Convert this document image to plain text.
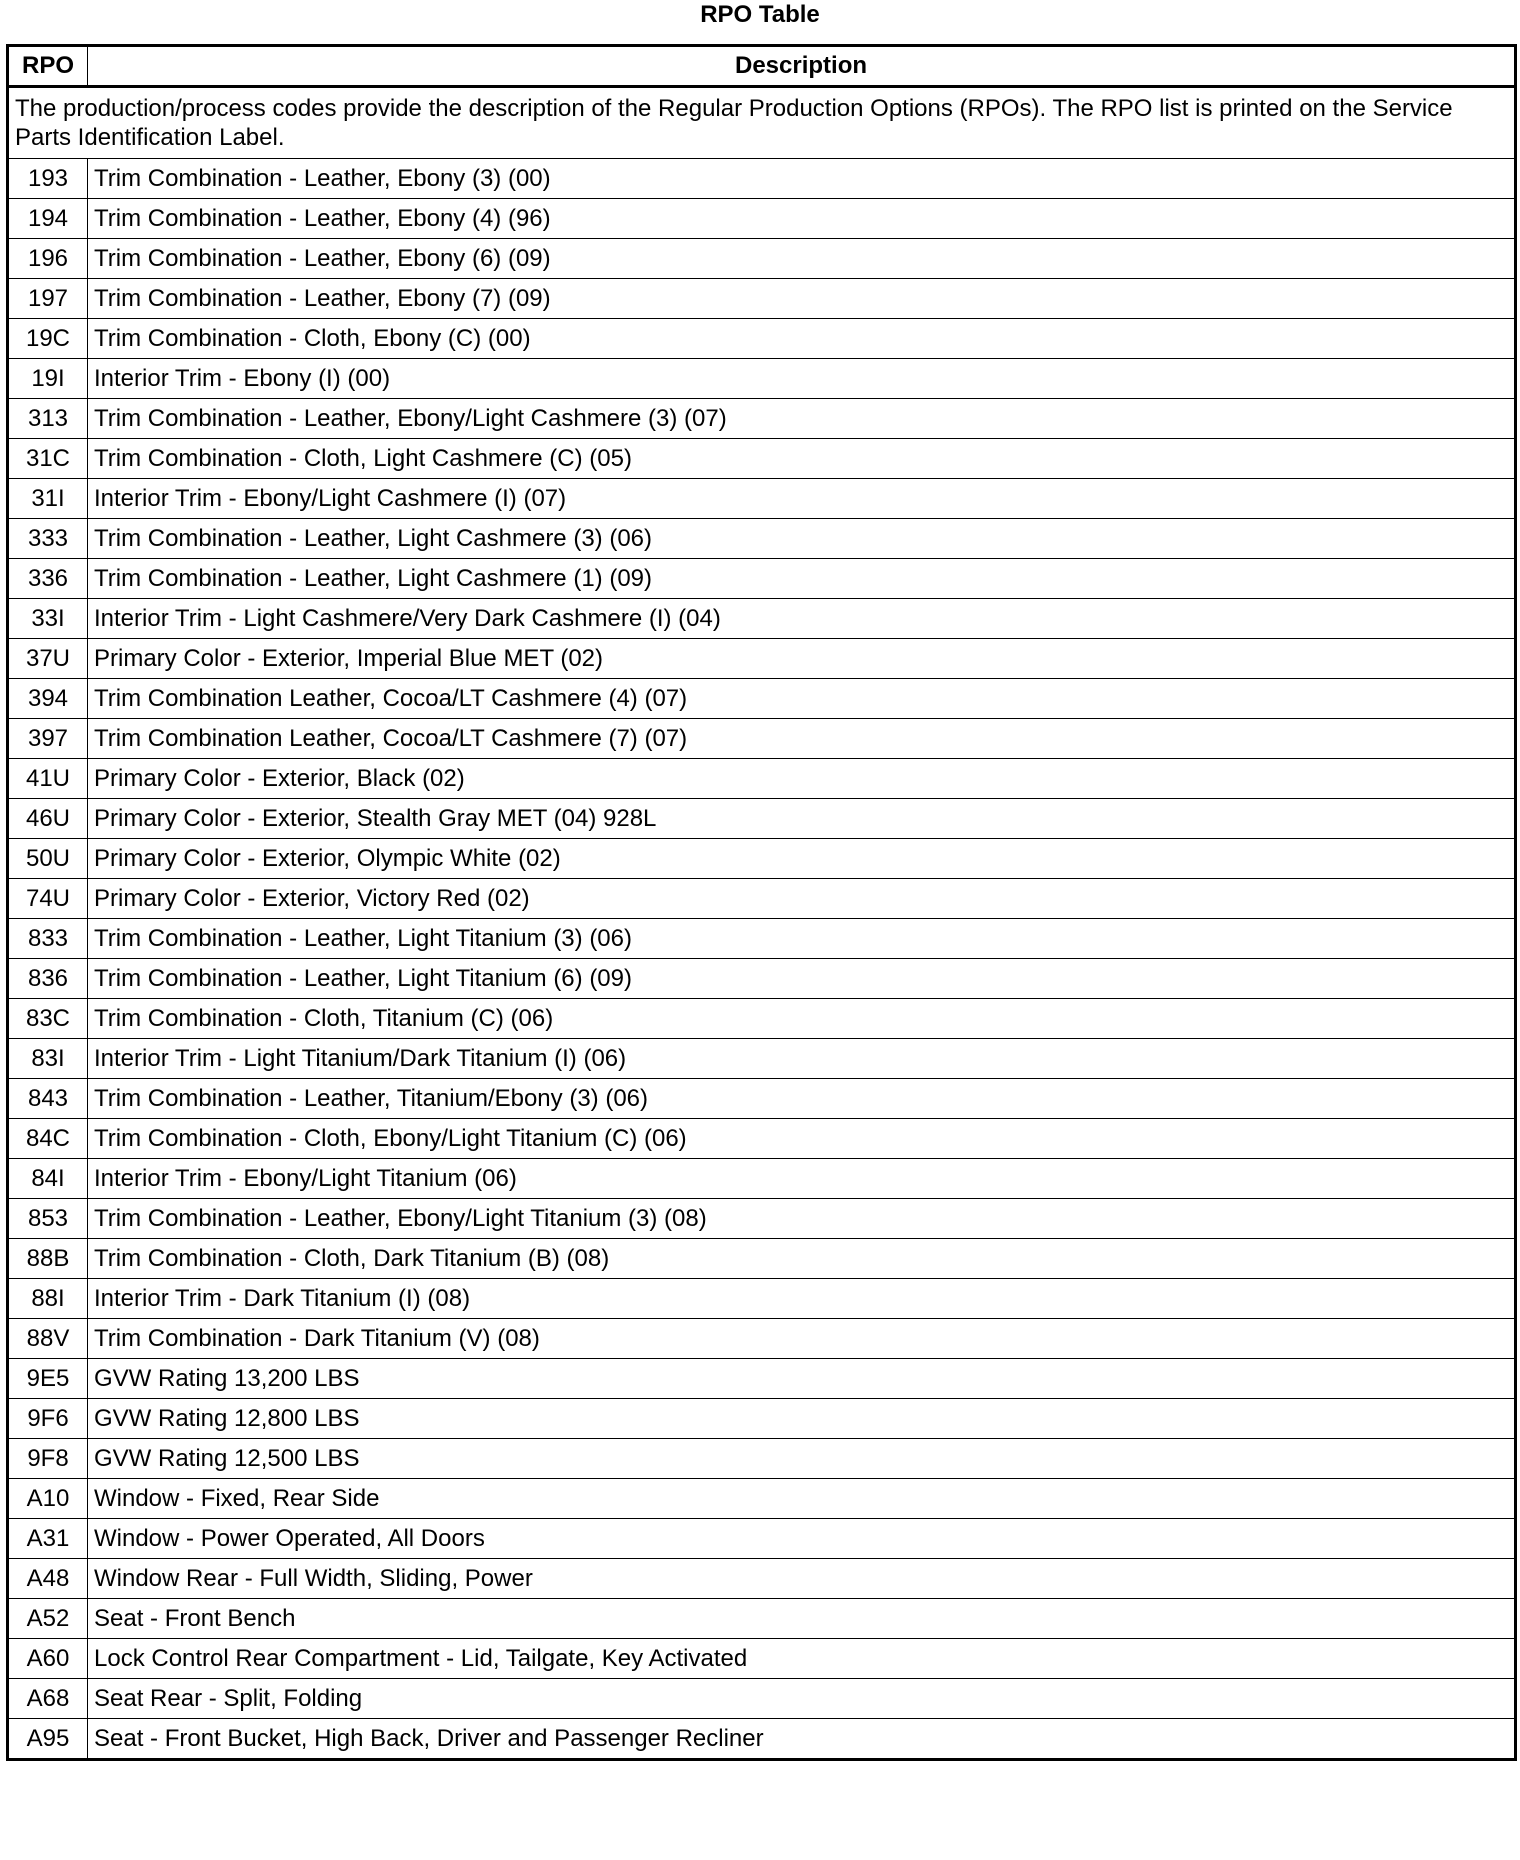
RPO Table
RPO	Description
The production/process codes provide the description of the Regular Production Options (RPOs). The RPO list is printed on the Service Parts Identification Label.	
193	Trim Combination - Leather, Ebony (3) (00)
194	Trim Combination - Leather, Ebony (4) (96)
196	Trim Combination - Leather, Ebony (6) (09)
197	Trim Combination - Leather, Ebony (7) (09)
19C	Trim Combination - Cloth, Ebony (C) (00)
19I	Interior Trim - Ebony (I) (00)
313	Trim Combination - Leather, Ebony/Light Cashmere (3) (07)
31C	Trim Combination - Cloth, Light Cashmere (C) (05)
31I	Interior Trim - Ebony/Light Cashmere (I) (07)
333	Trim Combination - Leather, Light Cashmere (3) (06)
336	Trim Combination - Leather, Light Cashmere (1) (09)
33I	Interior Trim - Light Cashmere/Very Dark Cashmere (I) (04)
37U	Primary Color - Exterior, Imperial Blue MET (02)
394	Trim Combination Leather, Cocoa/LT Cashmere (4) (07)
397	Trim Combination Leather, Cocoa/LT Cashmere (7) (07)
41U	Primary Color - Exterior, Black (02)
46U	Primary Color - Exterior, Stealth Gray MET (04) 928L
50U	Primary Color - Exterior, Olympic White (02)
74U	Primary Color - Exterior, Victory Red (02)
833	Trim Combination - Leather, Light Titanium (3) (06)
836	Trim Combination - Leather, Light Titanium (6) (09)
83C	Trim Combination - Cloth, Titanium (C) (06)
83I	Interior Trim - Light Titanium/Dark Titanium (I) (06)
843	Trim Combination - Leather, Titanium/Ebony (3) (06)
84C	Trim Combination - Cloth, Ebony/Light Titanium (C) (06)
84I	Interior Trim - Ebony/Light Titanium (06)
853	Trim Combination - Leather, Ebony/Light Titanium (3) (08)
88B	Trim Combination - Cloth, Dark Titanium (B) (08)
88I	Interior Trim - Dark Titanium (I) (08)
88V	Trim Combination - Dark Titanium (V) (08)
9E5	GVW Rating 13,200 LBS
9F6	GVW Rating 12,800 LBS
9F8	GVW Rating 12,500 LBS
A10	Window - Fixed, Rear Side
A31	Window - Power Operated, All Doors
A48	Window Rear - Full Width, Sliding, Power
A52	Seat - Front Bench
A60	Lock Control Rear Compartment - Lid, Tailgate, Key Activated
A68	Seat Rear - Split, Folding
A95	Seat - Front Bucket, High Back, Driver and Passenger Recliner
